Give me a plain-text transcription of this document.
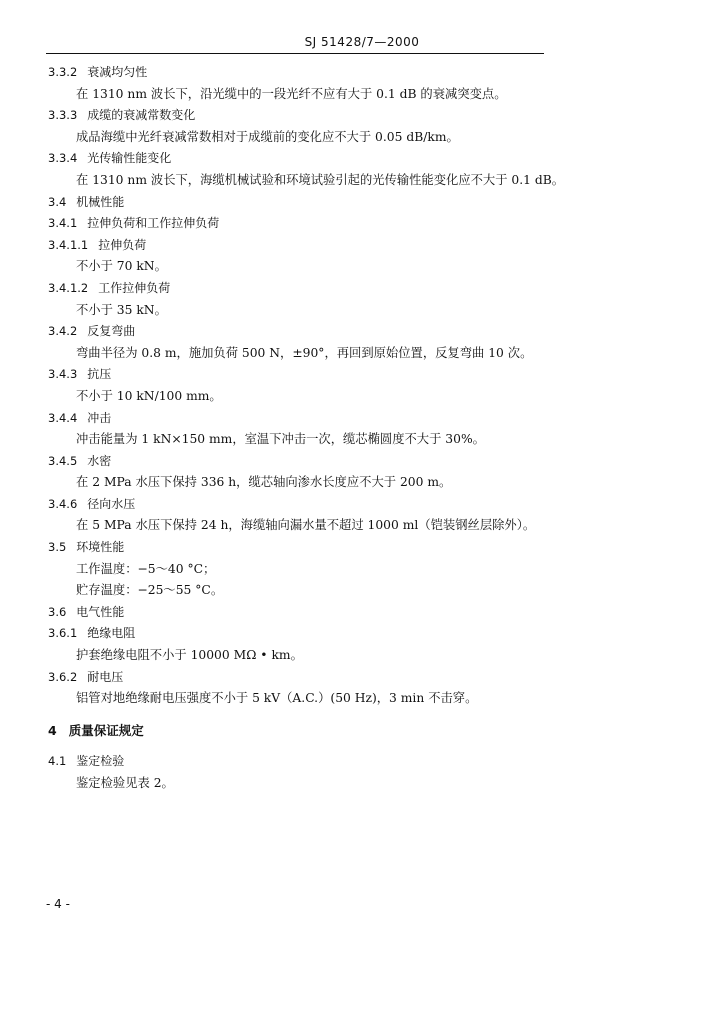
SJ 51428/7—2000
3.3.2 衰减均匀性
在 1310 nm 波长下，沿光缆中的一段光纤不应有大于 0.1 dB 的衰减突变点。
3.3.3 成缆的衰减常数变化
成品海缆中光纤衰减常数相对于成缆前的变化应不大于 0.05 dB/km。
3.3.4 光传输性能变化
在 1310 nm 波长下，海缆机械试验和环境试验引起的光传输性能变化应不大于 0.1 dB。
3.4 机械性能
3.4.1 拉伸负荷和工作拉伸负荷
3.4.1.1 拉伸负荷
不小于 70 kN。
3.4.1.2 工作拉伸负荷
不小于 35 kN。
3.4.2 反复弯曲
弯曲半径为 0.8 m，施加负荷 500 N，±90°，再回到原始位置，反复弯曲 10 次。
3.4.3 抗压
不小于 10 kN/100 mm。
3.4.4 冲击
冲击能量为 1 kN×150 mm，室温下冲击一次，缆芯椭圆度不大于 30%。
3.4.5 水密
在 2 MPa 水压下保持 336 h，缆芯轴向渗水长度应不大于 200 m。
3.4.6 径向水压
在 5 MPa 水压下保持 24 h，海缆轴向漏水量不超过 1000 ml（铠装钢丝层除外）。
3.5 环境性能
工作温度：−5～40 °C；
贮存温度：−25～55 °C。
3.6 电气性能
3.6.1 绝缘电阻
护套绝缘电阻不小于 10000 MΩ • km。
3.6.2 耐电压
铝管对地绝缘耐电压强度不小于 5 kV（A.C.）(50 Hz)，3 min 不击穿。
4 质量保证规定
4.1 鉴定检验
鉴定检验见表 2。
- 4 -
